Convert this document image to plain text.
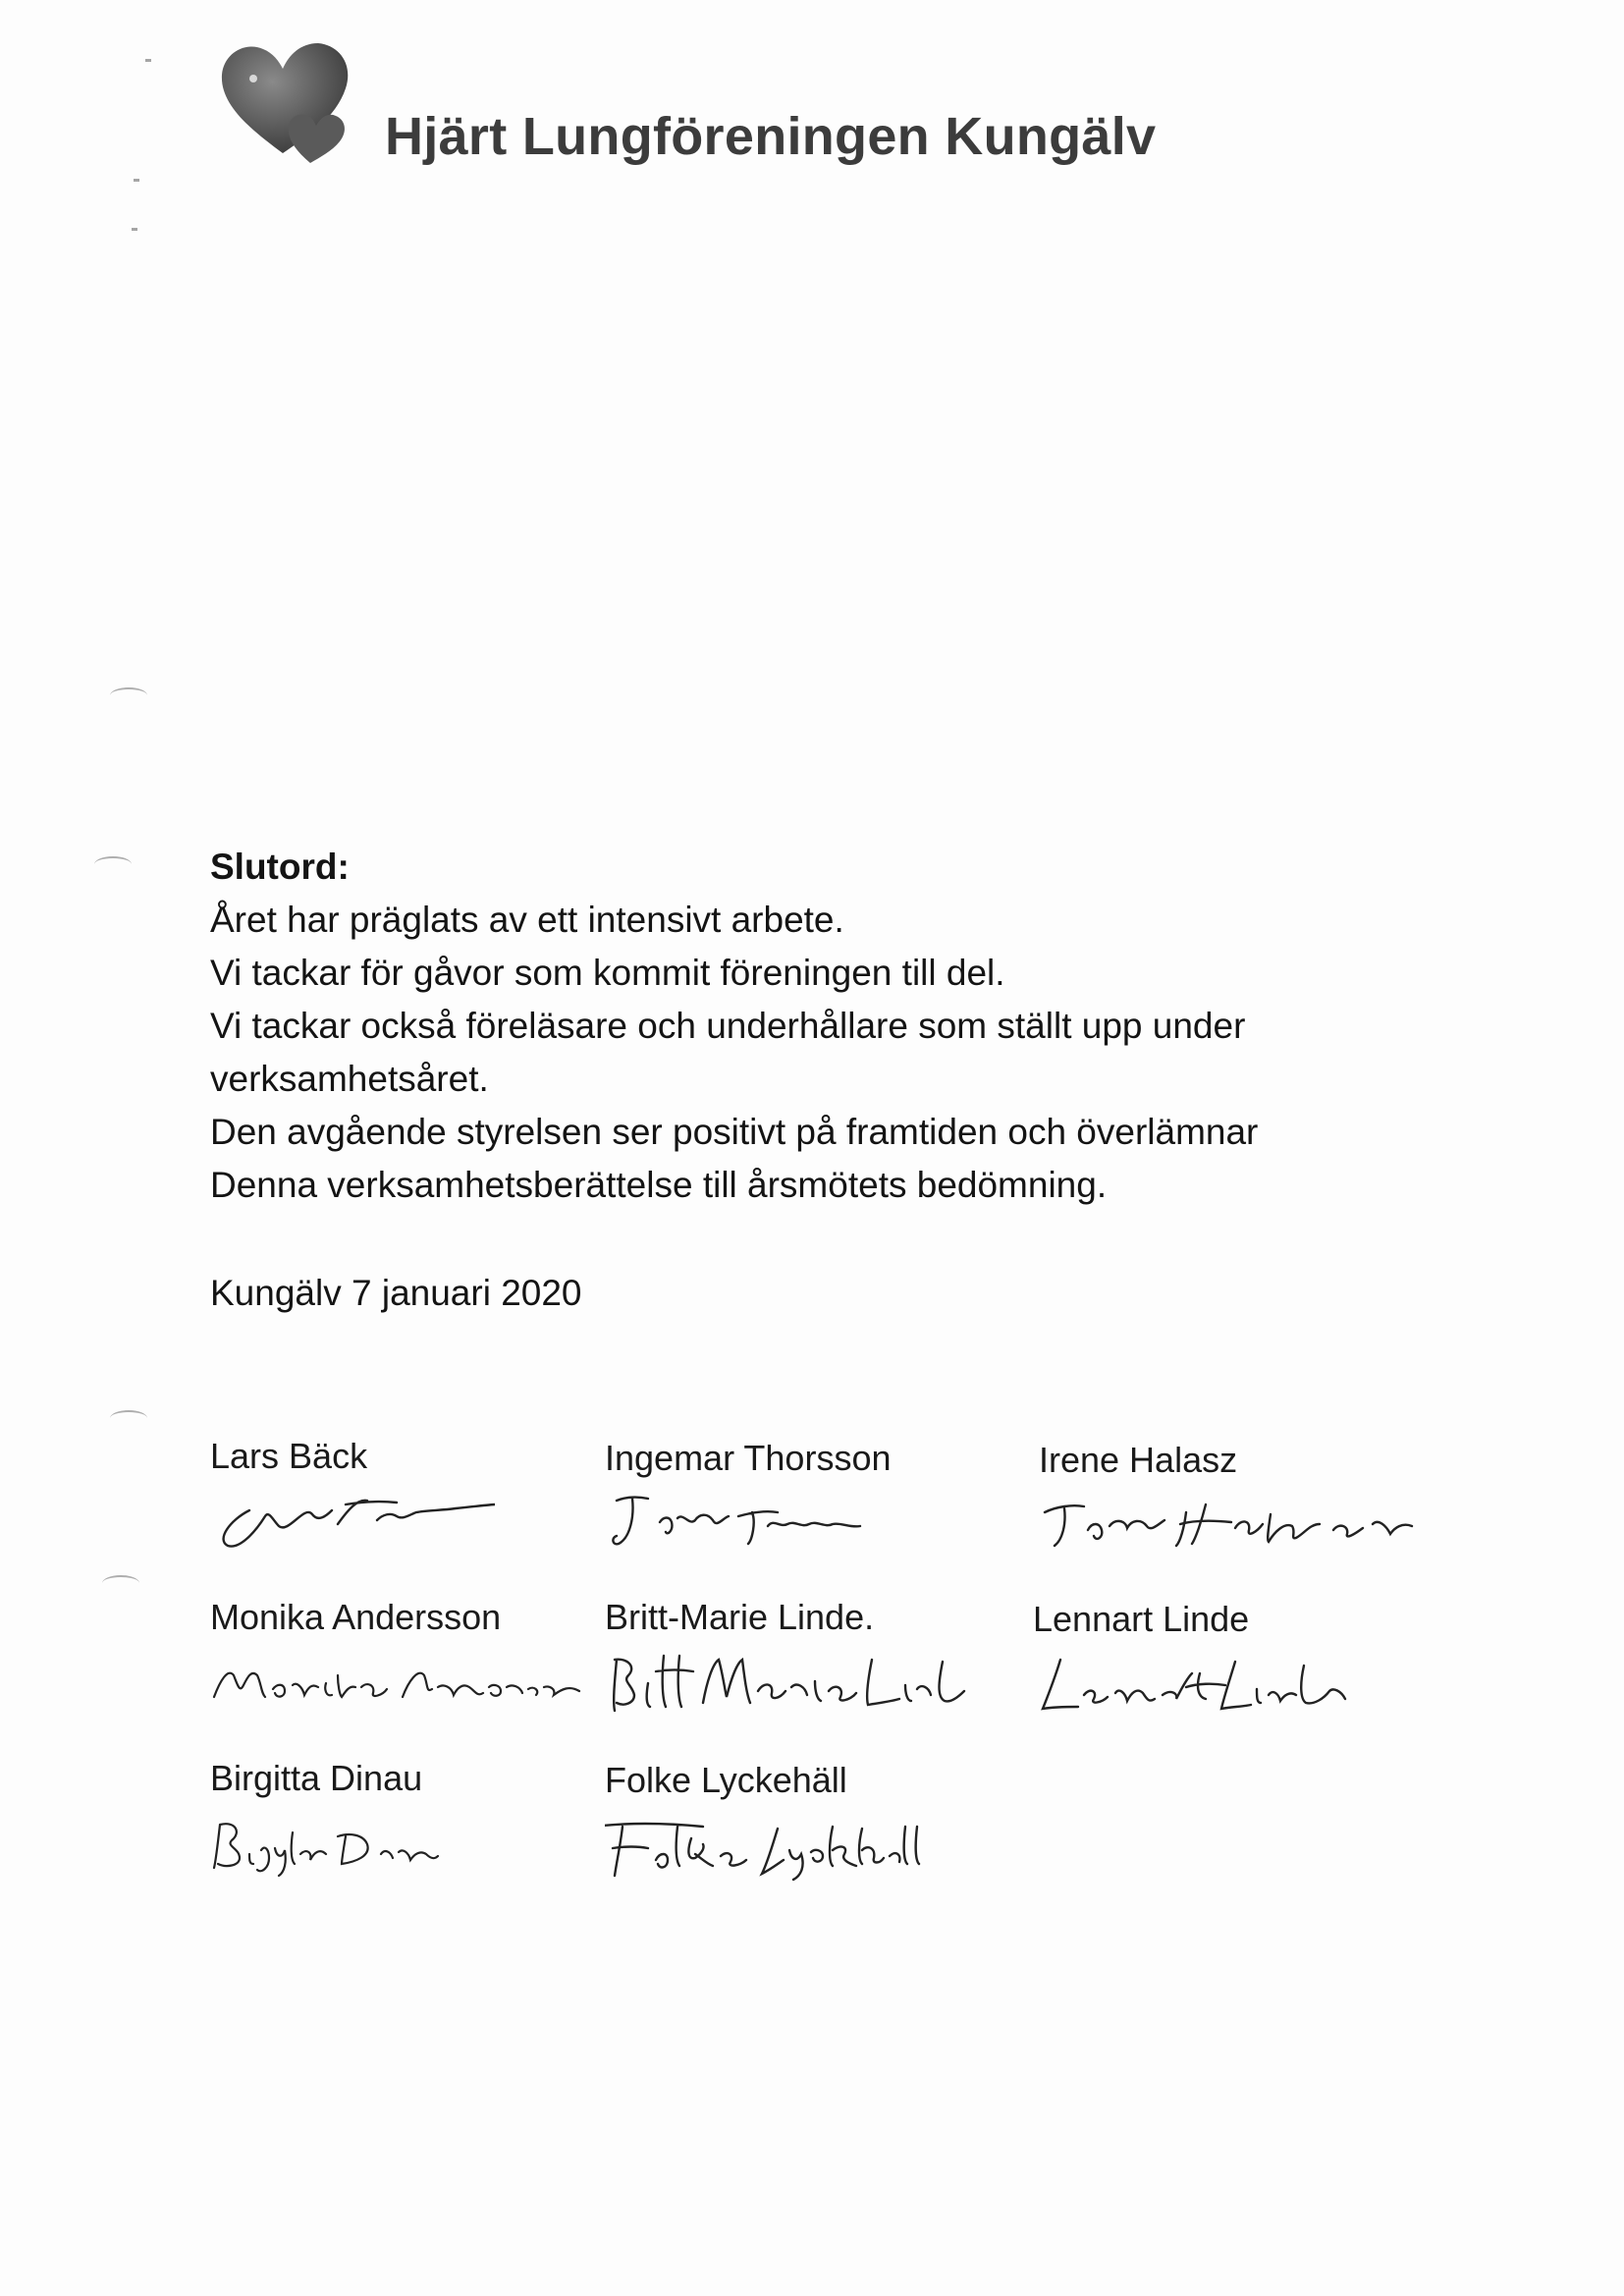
Hjärt Lungföreningen Kungälv
Slutord:
Året har präglats av ett intensivt arbete.
Vi tackar för gåvor som kommit föreningen till del.
Vi tackar också föreläsare och underhållare som ställt upp under
verksamhetsåret.
Den avgående styrelsen ser positivt på framtiden och överlämnar
Denna verksamhetsberättelse till årsmötets bedömning.
Kungälv 7 januari 2020
Lars Bäck	Ingemar Thorsson	Irene Halasz
Monika Andersson	Britt-Marie Linde.	Lennart Linde
Birgitta Dinau	Folke Lyckehäll
